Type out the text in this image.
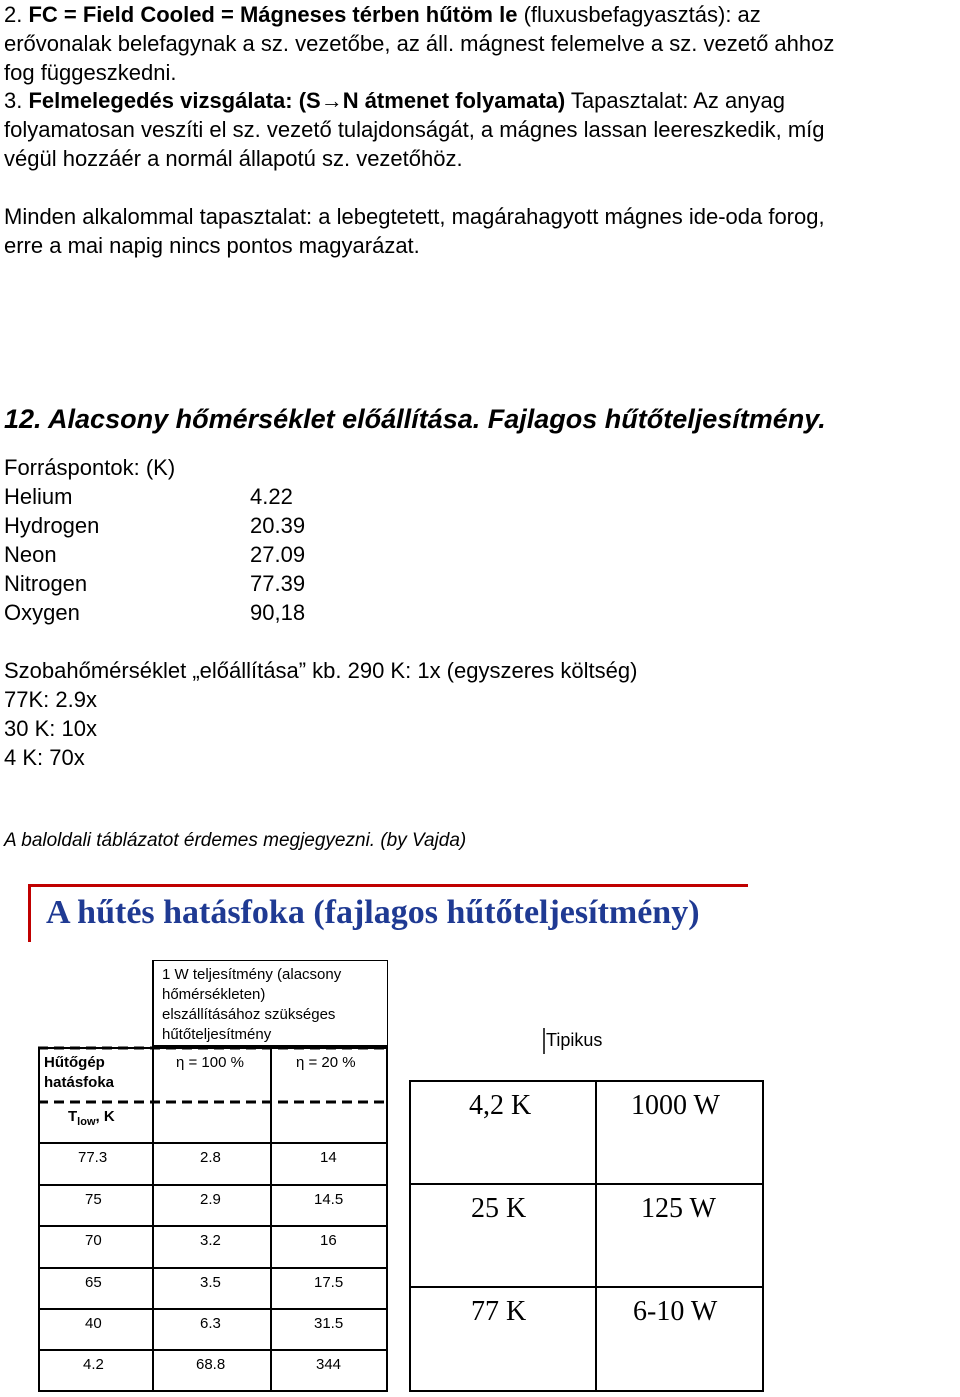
2. FC = Field Cooled = Mágneses térben hűtöm le (fluxusbefagyasztás): az
erővonalak belefagynak a sz. vezetőbe, az áll. mágnest felemelve a sz. vezető ahhoz
fog függeszkedni.
3. Felmelegedés vizsgálata: (S→N átmenet folyamata) Tapasztalat: Az anyag
folyamatosan veszíti el sz. vezető tulajdonságát, a mágnes lassan leereszkedik, míg
végül hozzáér a normál állapotú sz. vezetőhöz.
Minden alkalommal tapasztalat: a lebegtetett, magárahagyott mágnes ide-oda forog,
erre a mai napig nincs pontos magyarázat.
12. Alacsony hőmérséklet előállítása. Fajlagos hűtőteljesítmény.
Forráspontok: (K)
Helium	4.22
Hydrogen	20.39
Neon	27.09
Nitrogen	77.39
Oxygen	90,18
Szobahőmérséklet „előállítása” kb. 290 K: 1x (egyszeres költség)
77K: 2.9x
30 K: 10x
4 K: 70x
A baloldali táblázatot érdemes megjegyezni. (by Vajda)
A hűtés hatásfoka (fajlagos hűtőteljesítmény)
1 W teljesítmény (alacsony
hőmérsékleten)
elszállításához szükséges
hűtőteljesítmény
Hűtőgép
hatásfoka
η = 100 %	η = 20 %
$T_{low}$, K
77.3	2.8	14
75	2.9	14.5
70	3.2	16
65	3.5	17.5
40	6.3	31.5
4.2	68.8	344
Tipikus
4,2 K	1000 W
25 K	125 W
77 K	6-10 W
